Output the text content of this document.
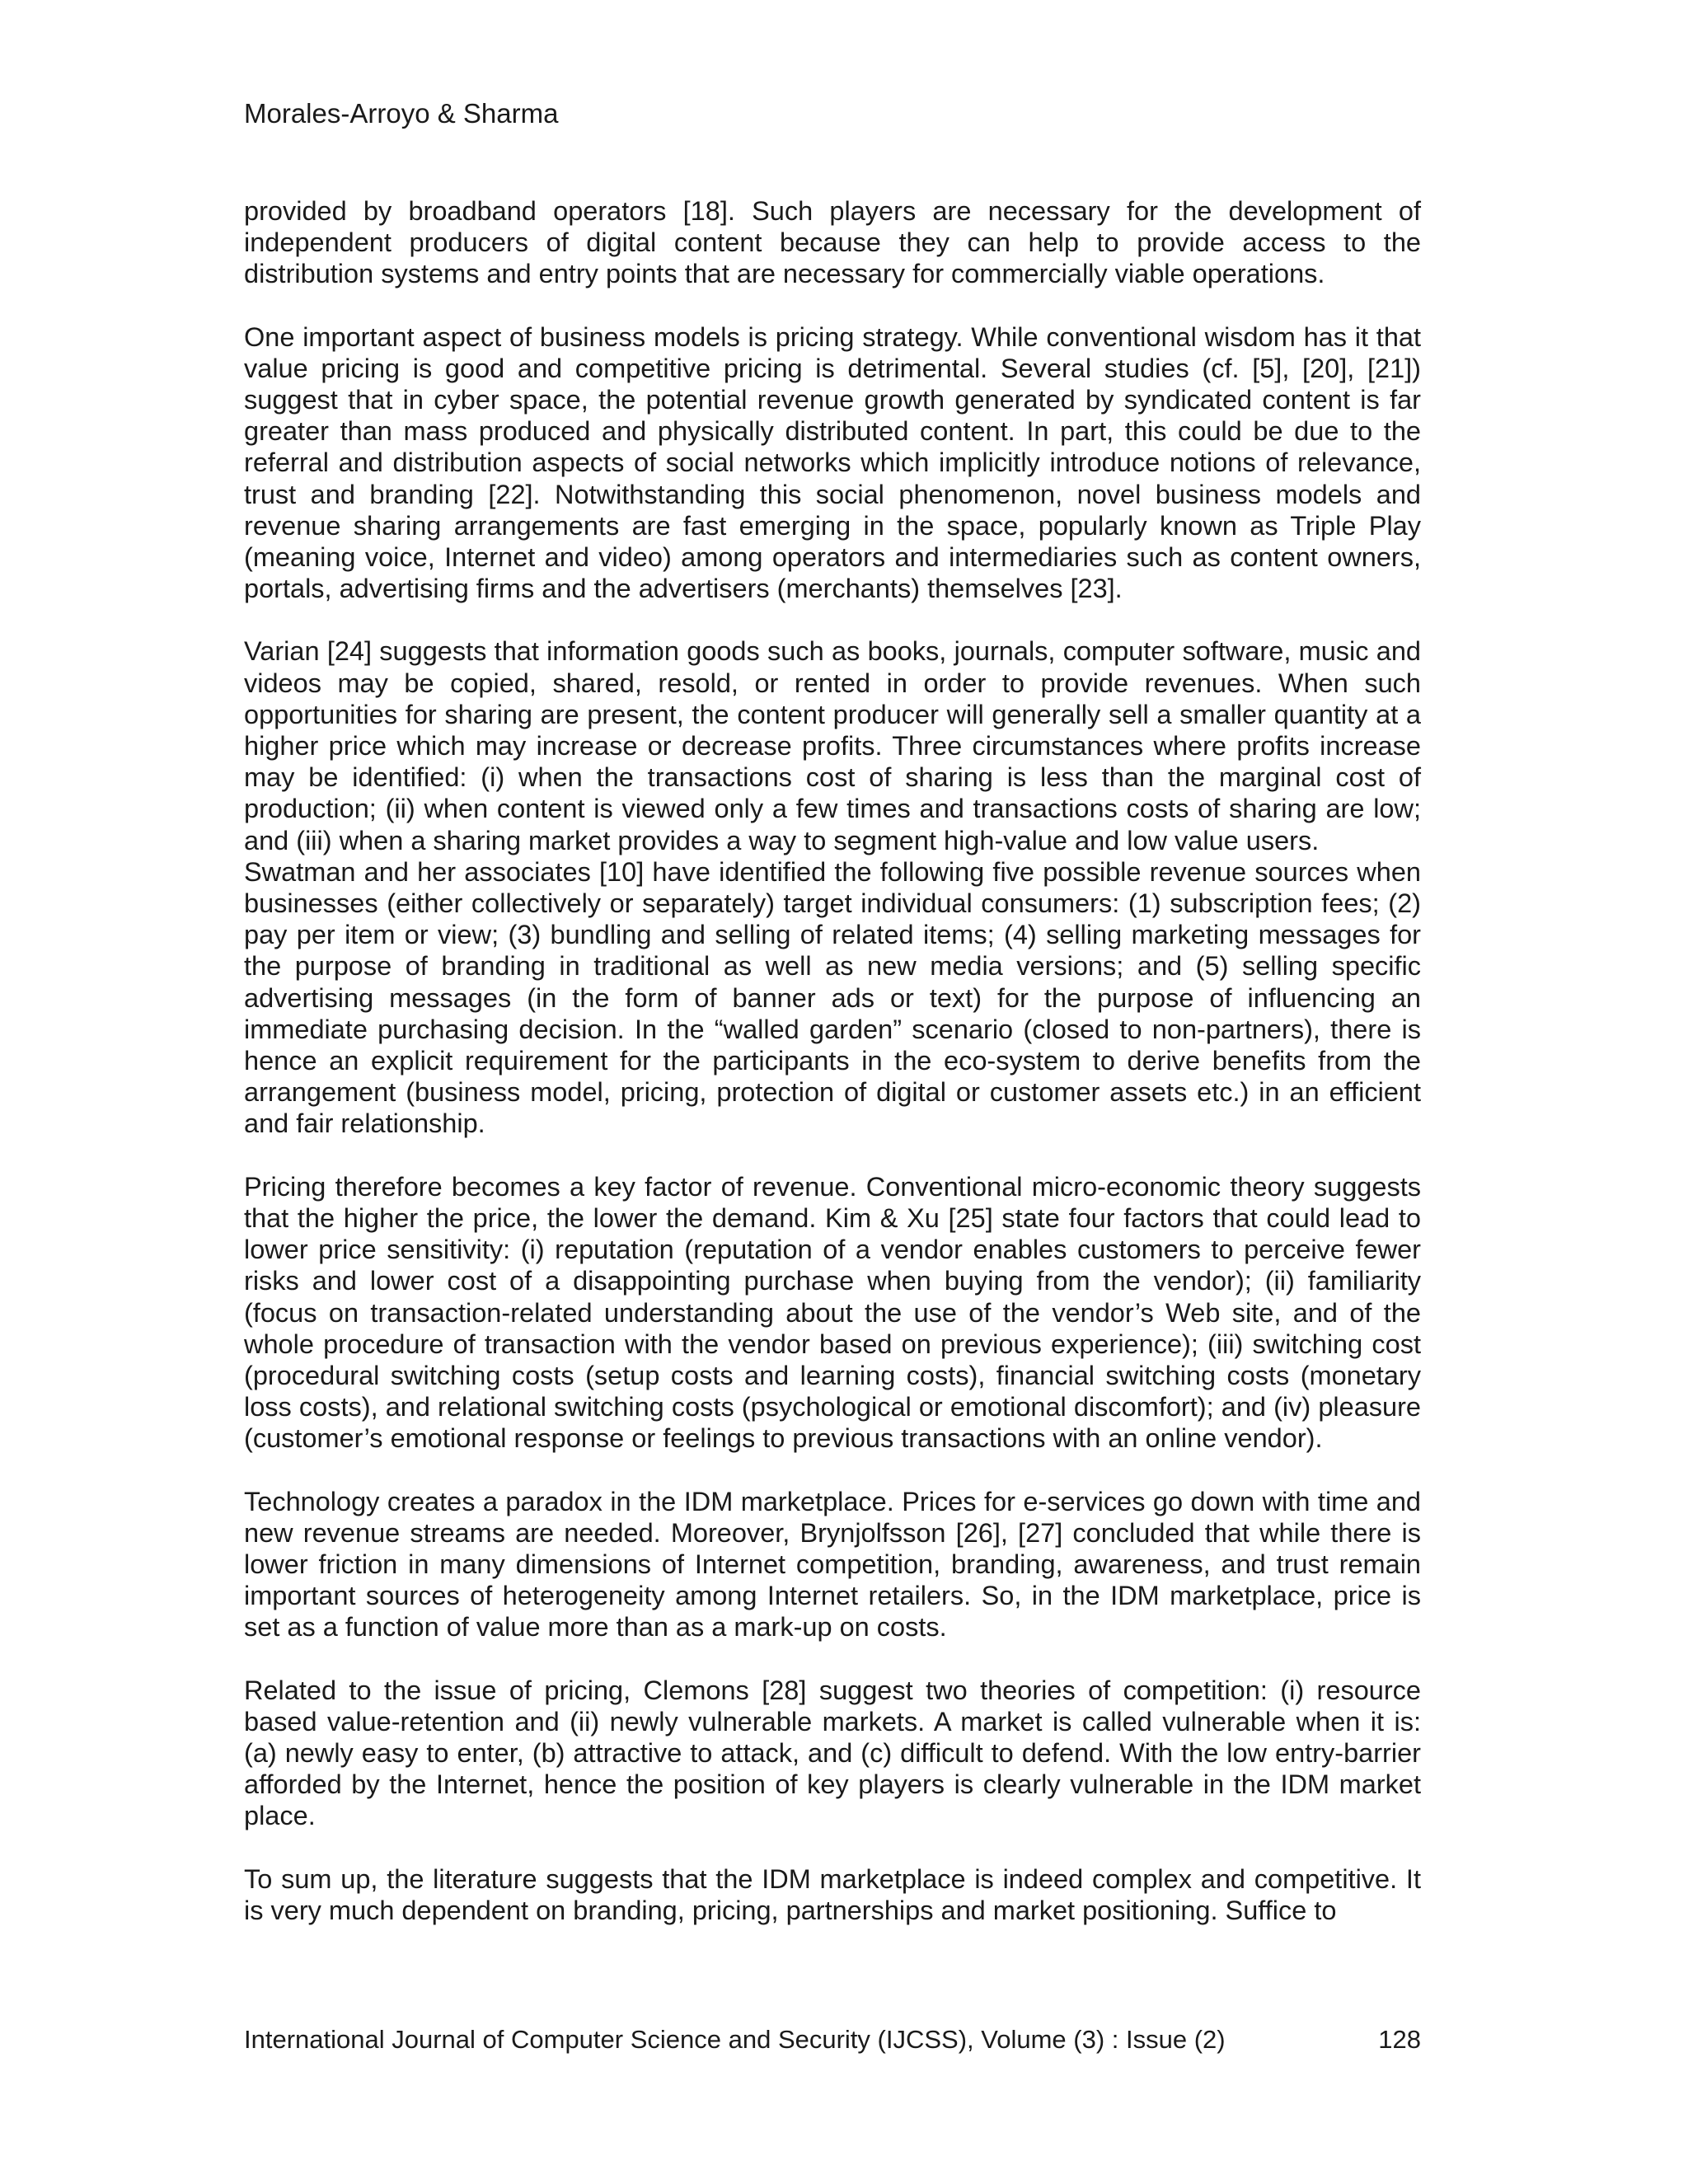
Morales-Arroyo & Sharma

provided by broadband operators [18]. Such players are necessary for the development of independent producers of digital content because they can help to provide access to the distribution systems and entry points that are necessary for commercially viable operations.

One important aspect of business models is pricing strategy. While conventional wisdom has it that value pricing is good and competitive pricing is detrimental. Several studies (cf. [5], [20], [21]) suggest that in cyber space, the potential revenue growth generated by syndicated content is far greater than mass produced and physically distributed content. In part, this could be due to the referral and distribution aspects of social networks which implicitly introduce notions of relevance, trust and branding [22]. Notwithstanding this social phenomenon, novel business models and revenue sharing arrangements are fast emerging in the space, popularly known as Triple Play (meaning voice, Internet and video) among operators and intermediaries such as content owners, portals, advertising firms and the advertisers (merchants) themselves [23].

Varian [24] suggests that information goods such as books, journals, computer software, music and videos may be copied, shared, resold, or rented in order to provide revenues. When such opportunities for sharing are present, the content producer will generally sell a smaller quantity at a higher price which may increase or decrease profits. Three circumstances where profits increase may be identified: (i) when the transactions cost of sharing is less than the marginal cost of production; (ii) when content is viewed only a few times and transactions costs of sharing are low; and (iii) when a sharing market provides a way to segment high-value and low value users.

Swatman and her associates [10] have identified the following five possible revenue sources when businesses (either collectively or separately) target individual consumers: (1) subscription fees; (2) pay per item or view; (3) bundling and selling of related items; (4) selling marketing messages for the purpose of branding in traditional as well as new media versions; and (5) selling specific advertising messages (in the form of banner ads or text) for the purpose of influencing an immediate purchasing decision. In the “walled garden” scenario (closed to non-partners), there is hence an explicit requirement for the participants in the eco-system to derive benefits from the arrangement (business model, pricing, protection of digital or customer assets etc.) in an efficient and fair relationship.

Pricing therefore becomes a key factor of revenue. Conventional micro-economic theory suggests that the higher the price, the lower the demand. Kim & Xu [25] state four factors that could lead to lower price sensitivity: (i) reputation (reputation of a vendor enables customers to perceive fewer risks and lower cost of a disappointing purchase when buying from the vendor); (ii) familiarity (focus on transaction-related understanding about the use of the vendor’s Web site, and of the whole procedure of transaction with the vendor based on previous experience); (iii) switching cost (procedural switching costs (setup costs and learning costs), financial switching costs (monetary loss costs), and relational switching costs (psychological or emotional discomfort); and (iv) pleasure (customer’s emotional response or feelings to previous transactions with an online vendor).

Technology creates a paradox in the IDM marketplace. Prices for e-services go down with time and new revenue streams are needed. Moreover, Brynjolfsson [26], [27] concluded that while there is lower friction in many dimensions of Internet competition, branding, awareness, and trust remain important sources of heterogeneity among Internet retailers. So, in the IDM marketplace, price is set as a function of value more than as a mark-up on costs.

Related to the issue of pricing, Clemons [28] suggest two theories of competition: (i) resource based value-retention and (ii) newly vulnerable markets. A market is called vulnerable when it is: (a) newly easy to enter, (b) attractive to attack, and (c) difficult to defend. With the low entry-barrier afforded by the Internet, hence the position of key players is clearly vulnerable in the IDM market place.

To sum up, the literature suggests that the IDM marketplace is indeed complex and competitive. It is very much dependent on branding, pricing, partnerships and market positioning. Suffice to

International Journal of Computer Science and Security (IJCSS), Volume (3) : Issue (2)	128
